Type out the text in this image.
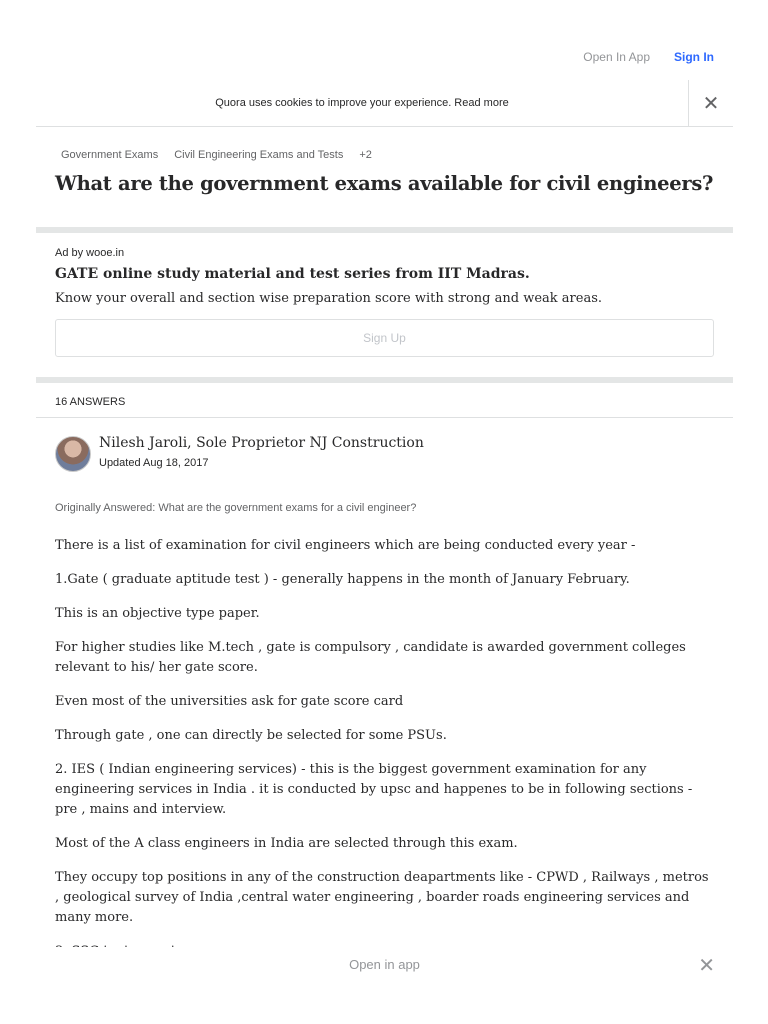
Open In App Sign In
Quora uses cookies to improve your experience. Read more	✕
Government Exams Civil Engineering Exams and Tests +2
What are the government exams available for civil engineers?
Ad by wooe.in
GATE online study material and test series from IIT Madras.
Know your overall and section wise preparation score with strong and weak areas.
Sign Up
16 ANSWERS
Nilesh Jaroli, Sole Proprietor NJ Construction
Updated Aug 18, 2017
Originally Answered: What are the government exams for a civil engineer?

There is a list of examination for civil engineers which are being conducted every year -

1.Gate ( graduate aptitude test ) - generally happens in the month of January February.

This is an objective type paper.

For higher studies like M.tech , gate is compulsory , candidate is awarded government colleges relevant to his/ her gate score.

Even most of the universities ask for gate score card

Through gate , one can directly be selected for some PSUs.

2. IES ( Indian engineering services) - this is the biggest government examination for any engineering services in India . it is conducted by upsc and happenes to be in following sections - pre , mains and interview.

Most of the A class engineers in India are selected through this exam.

They occupy top positions in any of the construction deapartments like - CPWD , Railways , metros , geological survey of India ,central water engineering , boarder roads engineering services and many more.

Open in app	✕
